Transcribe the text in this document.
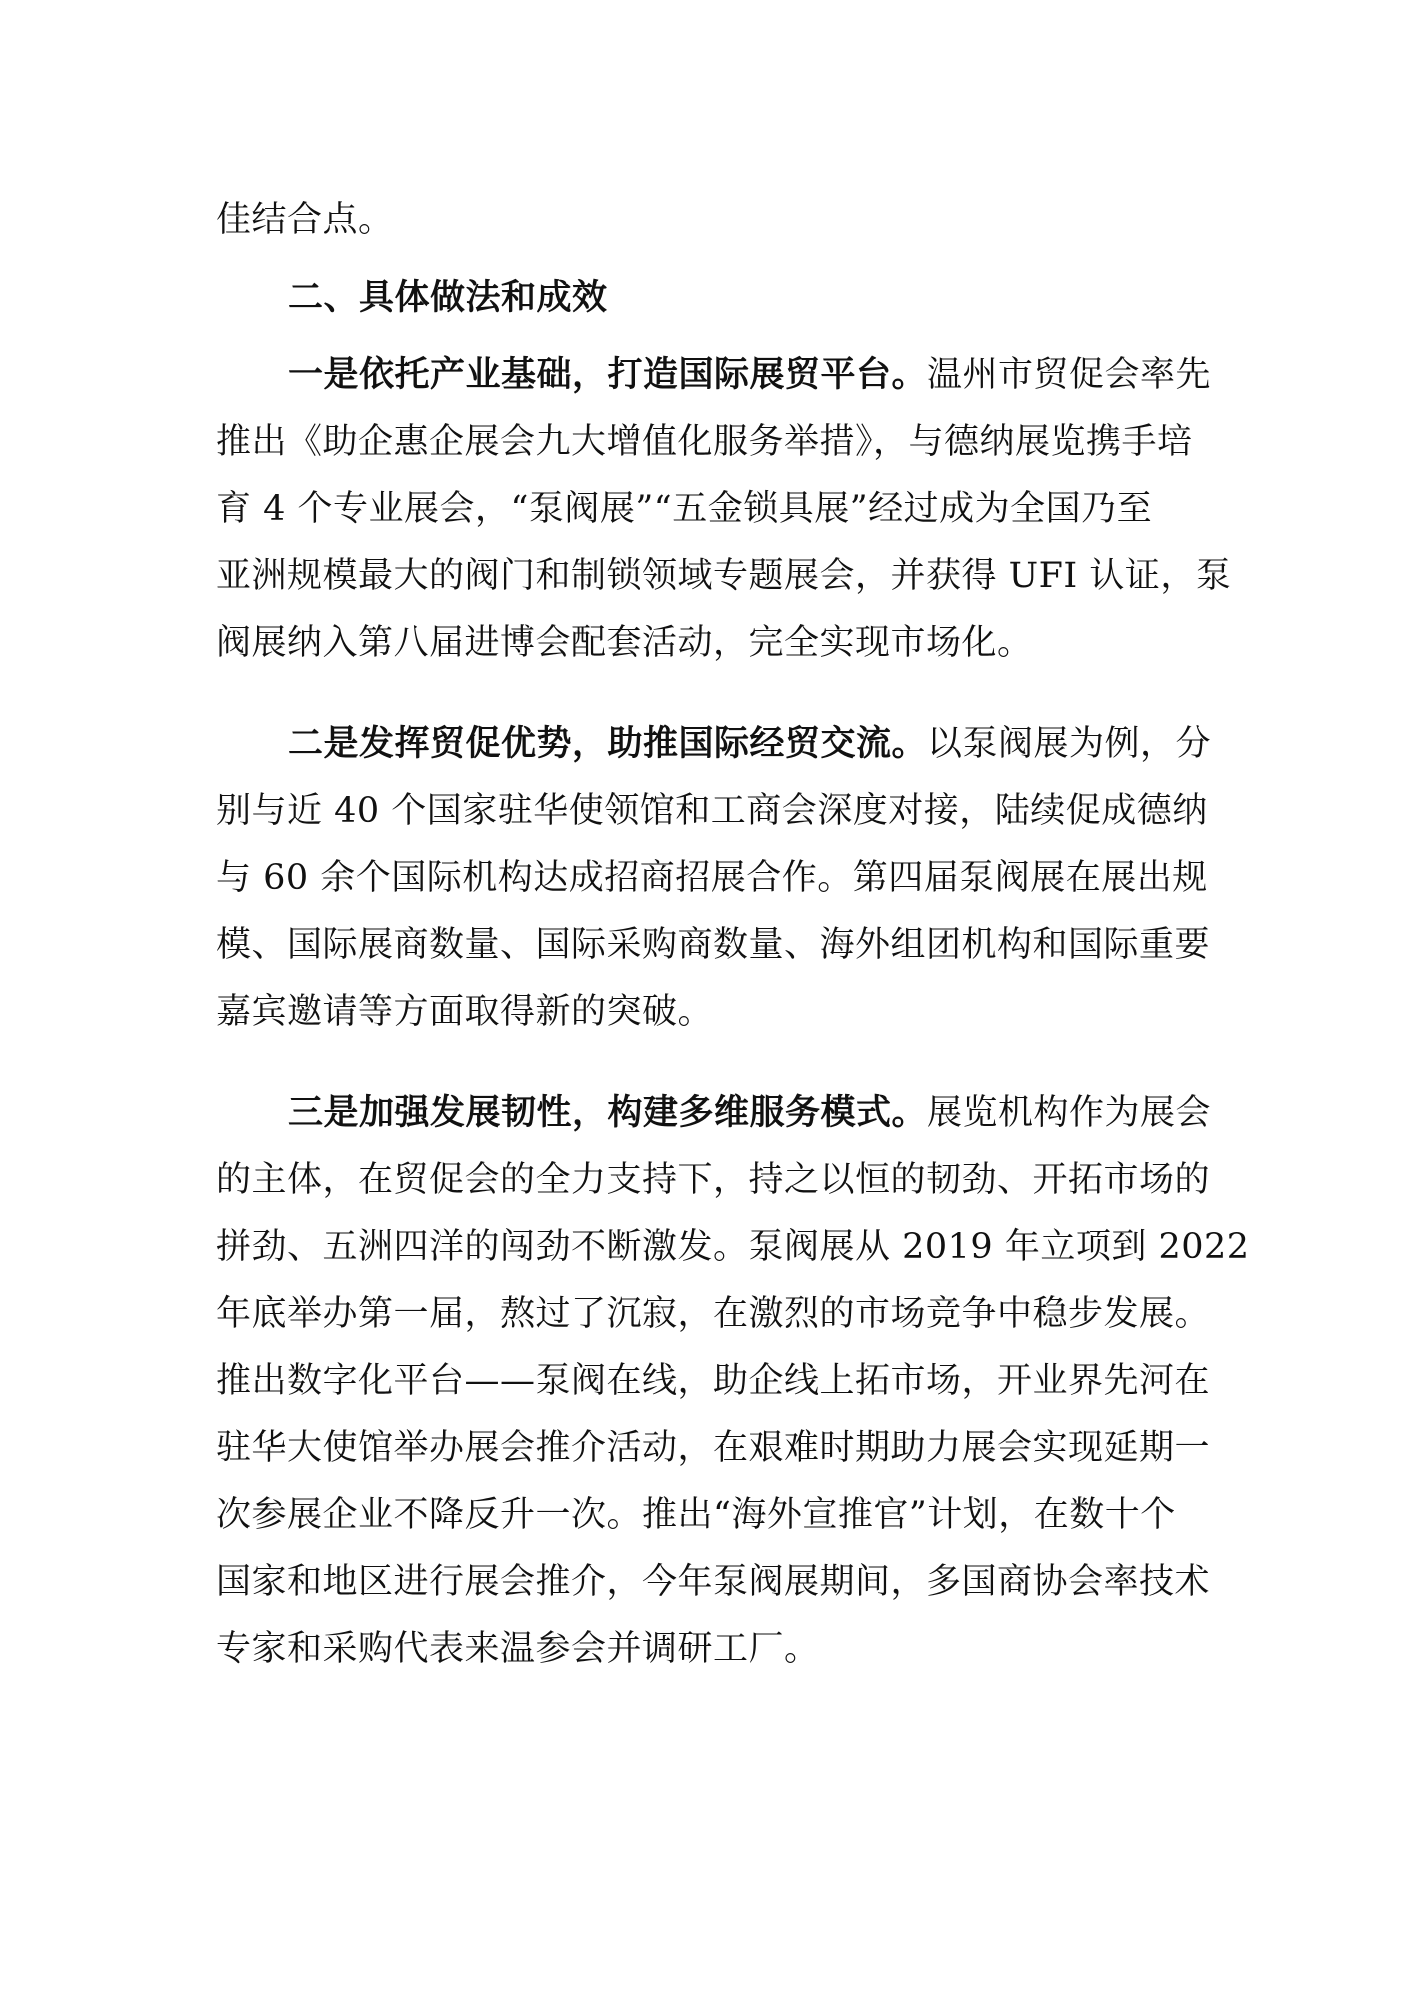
佳结合点。
二、具体做法和成效
一是依托产业基础，打造国际展贸平台。温州市贸促会率先
推出《助企惠企展会九大增值化服务举措》，与德纳展览携手培
育 4 个专业展会，“泵阀展”“五金锁具展”经过成为全国乃至
亚洲规模最大的阀门和制锁领域专题展会，并获得 UFI 认证，泵
阀展纳入第八届进博会配套活动，完全实现市场化。
二是发挥贸促优势，助推国际经贸交流。以泵阀展为例，分
别与近 40 个国家驻华使领馆和工商会深度对接，陆续促成德纳
与 60 余个国际机构达成招商招展合作。第四届泵阀展在展出规
模、国际展商数量、国际采购商数量、海外组团机构和国际重要
嘉宾邀请等方面取得新的突破。
三是加强发展韧性，构建多维服务模式。展览机构作为展会
的主体，在贸促会的全力支持下，持之以恒的韧劲、开拓市场的
拼劲、五洲四洋的闯劲不断激发。泵阀展从 2019 年立项到 2022
年底举办第一届，熬过了沉寂，在激烈的市场竞争中稳步发展。
推出数字化平台——泵阀在线，助企线上拓市场，开业界先河在
驻华大使馆举办展会推介活动，在艰难时期助力展会实现延期一
次参展企业不降反升一次。推出“海外宣推官”计划，在数十个
国家和地区进行展会推介，今年泵阀展期间，多国商协会率技术
专家和采购代表来温参会并调研工厂。
